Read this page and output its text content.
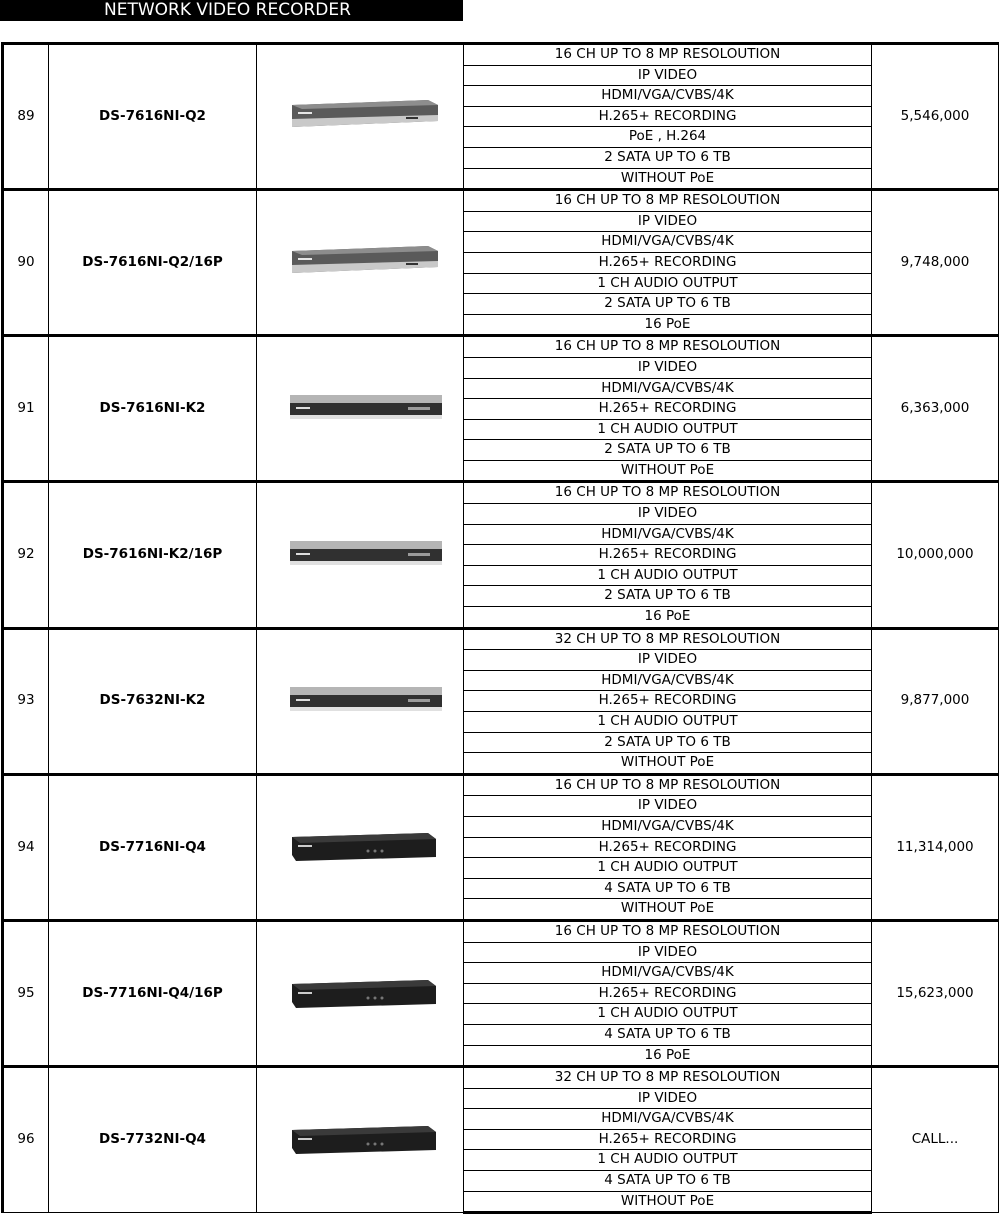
NETWORK VIDEO RECORDER
89	DS-7616NI-Q2		16 CH UP TO 8 MP RESOLOUTION	5,546,000
			IP VIDEO	
			HDMI/VGA/CVBS/4K	
			H.265+ RECORDING	
			PoE , H.264	
			2 SATA UP TO 6 TB	
			WITHOUT PoE	
90	DS-7616NI-Q2/16P		16 CH UP TO 8 MP RESOLOUTION	9,748,000
			IP VIDEO	
			HDMI/VGA/CVBS/4K	
			H.265+ RECORDING	
			1 CH AUDIO OUTPUT	
			2 SATA UP TO 6 TB	
			16 PoE	
91	DS-7616NI-K2		16 CH UP TO 8 MP RESOLOUTION	6,363,000
			IP VIDEO	
			HDMI/VGA/CVBS/4K	
			H.265+ RECORDING	
			1 CH AUDIO OUTPUT	
			2 SATA UP TO 6 TB	
			WITHOUT PoE	
92	DS-7616NI-K2/16P		16 CH UP TO 8 MP RESOLOUTION	10,000,000
			IP VIDEO	
			HDMI/VGA/CVBS/4K	
			H.265+ RECORDING	
			1 CH AUDIO OUTPUT	
			2 SATA UP TO 6 TB	
			16 PoE	
93	DS-7632NI-K2		32 CH UP TO 8 MP RESOLOUTION	9,877,000
			IP VIDEO	
			HDMI/VGA/CVBS/4K	
			H.265+ RECORDING	
			1 CH AUDIO OUTPUT	
			2 SATA UP TO 6 TB	
			WITHOUT PoE	
94	DS-7716NI-Q4		16 CH UP TO 8 MP RESOLOUTION	11,314,000
			IP VIDEO	
			HDMI/VGA/CVBS/4K	
			H.265+ RECORDING	
			1 CH AUDIO OUTPUT	
			4 SATA UP TO 6 TB	
			WITHOUT PoE	
95	DS-7716NI-Q4/16P		16 CH UP TO 8 MP RESOLOUTION	15,623,000
			IP VIDEO	
			HDMI/VGA/CVBS/4K	
			H.265+ RECORDING	
			1 CH AUDIO OUTPUT	
			4 SATA UP TO 6 TB	
			16 PoE	
96	DS-7732NI-Q4		32 CH UP TO 8 MP RESOLOUTION	CALL...
			IP VIDEO	
			HDMI/VGA/CVBS/4K	
			H.265+ RECORDING	
			1 CH AUDIO OUTPUT	
			4 SATA UP TO 6 TB	
			WITHOUT PoE	
